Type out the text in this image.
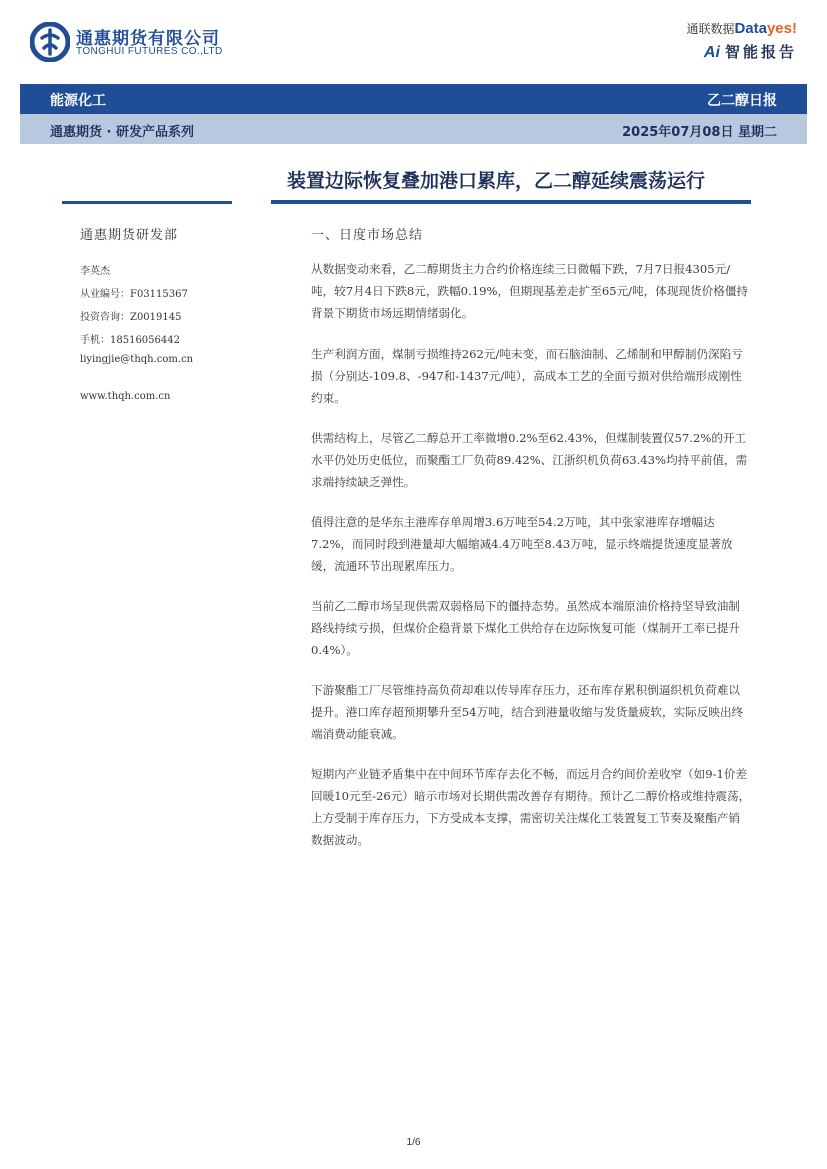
通惠期货有限公司
TONGHUI FUTURES CO.,LTD
通联数据Datayes!
Ai 智能报告
能源化工	乙二醇日报
通惠期货 · 研发产品系列	2025年07月08日 星期二
装置边际恢复叠加港口累库，乙二醇延续震荡运行
通惠期货研发部
李英杰
从业编号：F03115367
投资咨询：Z0019145
手机：18516056442
liyingjie@thqh.com.cn
www.thqh.com.cn
一、日度市场总结

从数据变动来看，乙二醇期货主力合约价格连续三日微幅下跌，7月7日报4305元/吨，较7月4日下跌8元，跌幅0.19%，但期现基差走扩至65元/吨，体现现货价格僵持背景下期货市场远期情绪弱化。

生产利润方面，煤制亏损维持262元/吨未变，而石脑油制、乙烯制和甲醇制仍深陷亏损（分别达-109.8、-947和-1437元/吨），高成本工艺的全面亏损对供给端形成刚性约束。

供需结构上，尽管乙二醇总开工率微增0.2%至62.43%，但煤制装置仅57.2%的开工水平仍处历史低位，而聚酯工厂负荷89.42%、江浙织机负荷63.43%均持平前值，需求端持续缺乏弹性。

值得注意的是华东主港库存单周增3.6万吨至54.2万吨，其中张家港库存增幅达7.2%，而同时段到港量却大幅缩减4.4万吨至8.43万吨，显示终端提货速度显著放缓，流通环节出现累库压力。

当前乙二醇市场呈现供需双弱格局下的僵持态势。虽然成本端原油价格持坚导致油制路线持续亏损，但煤价企稳背景下煤化工供给存在边际恢复可能（煤制开工率已提升0.4%）。

下游聚酯工厂尽管维持高负荷却难以传导库存压力，还布库存累积倒逼织机负荷难以提升。港口库存超预期攀升至54万吨，结合到港量收缩与发货量疲软，实际反映出终端消费动能衰减。

短期内产业链矛盾集中在中间环节库存去化不畅，而远月合约间价差收窄（如9-1价差回暖10元至-26元）暗示市场对长期供需改善存有期待。预计乙二醇价格或维持震荡，上方受制于库存压力，下方受成本支撑，需密切关注煤化工装置复工节奏及聚酯产销数据波动。

1/6
